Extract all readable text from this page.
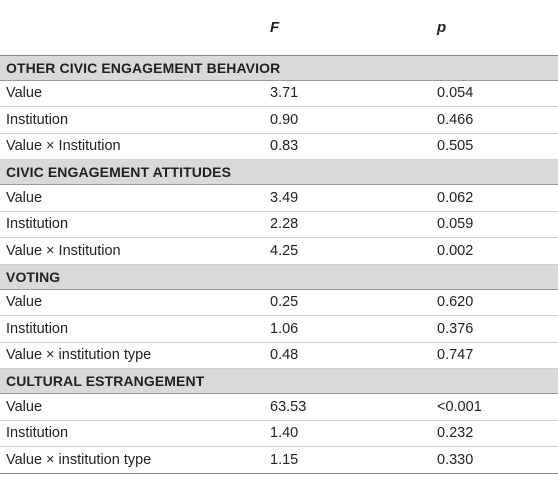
	F	p
OTHER CIVIC ENGAGEMENT BEHAVIOR		
Value	3.71	0.054
Institution	0.90	0.466
Value × Institution	0.83	0.505
CIVIC ENGAGEMENT ATTITUDES		
Value	3.49	0.062
Institution	2.28	0.059
Value × Institution	4.25	0.002
VOTING		
Value	0.25	0.620
Institution	1.06	0.376
Value × institution type	0.48	0.747
CULTURAL ESTRANGEMENT		
Value	63.53	<0.001
Institution	1.40	0.232
Value × institution type	1.15	0.330
